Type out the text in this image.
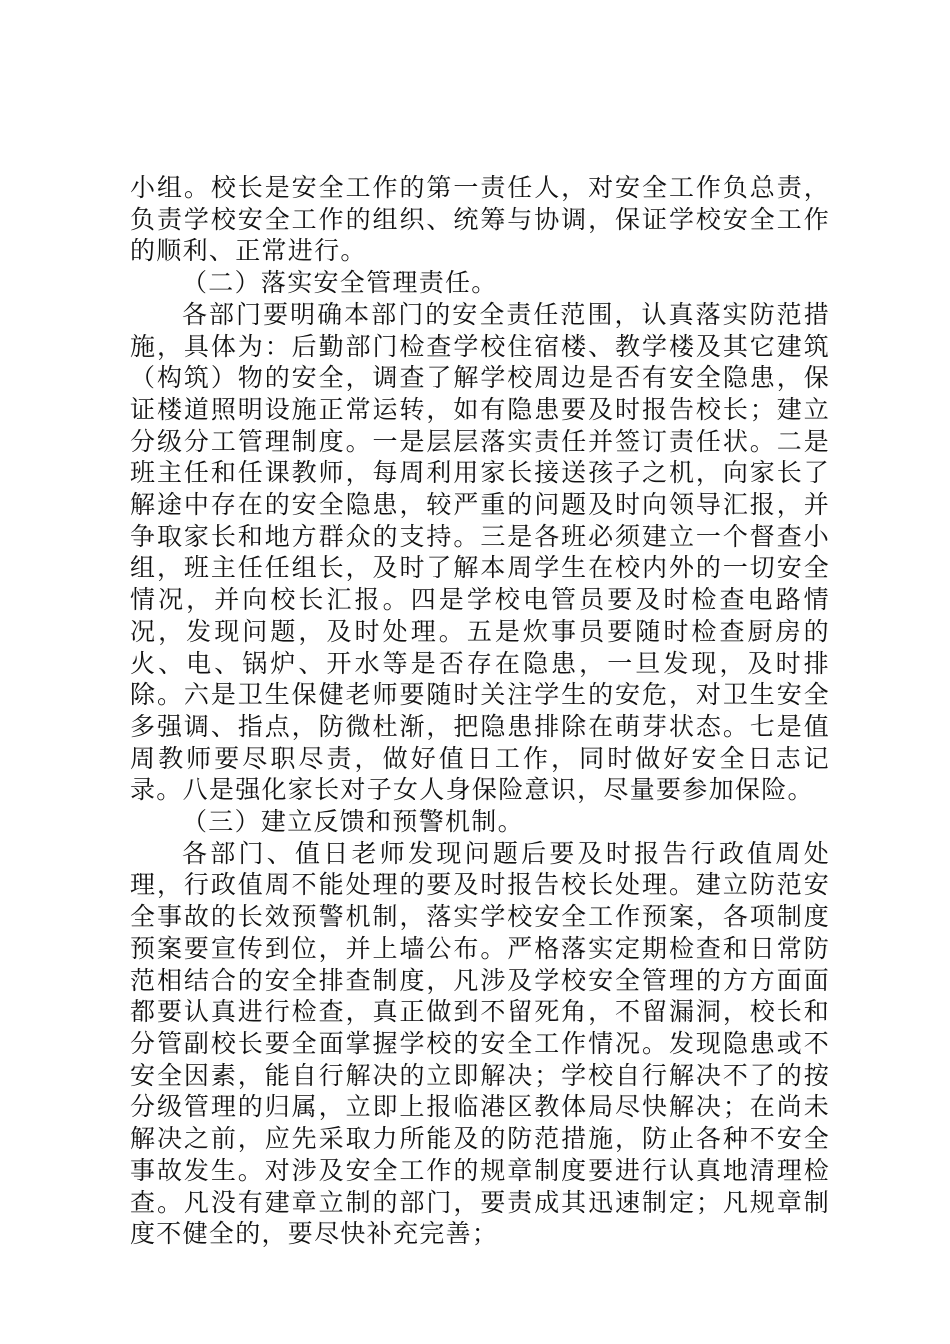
小组。校长是安全工作的第一责任人，对安全工作负总责，负责学校安全工作的组织、统筹与协调，保证学校安全工作的顺利、正常进行。

（二）落实安全管理责任。

各部门要明确本部门的安全责任范围，认真落实防范措施，具体为：后勤部门检查学校住宿楼、教学楼及其它建筑（构筑）物的安全，调查了解学校周边是否有安全隐患，保证楼道照明设施正常运转，如有隐患要及时报告校长；建立分级分工管理制度。一是层层落实责任并签订责任状。二是班主任和任课教师，每周利用家长接送孩子之机，向家长了解途中存在的安全隐患，较严重的问题及时向领导汇报，并争取家长和地方群众的支持。三是各班必须建立一个督查小组，班主任任组长，及时了解本周学生在校内外的一切安全情况，并向校长汇报。四是学校电管员要及时检查电路情况，发现问题，及时处理。五是炊事员要随时检查厨房的火、电、锅炉、开水等是否存在隐患，一旦发现，及时排除。六是卫生保健老师要随时关注学生的安危，对卫生安全多强调、指点，防微杜渐，把隐患排除在萌芽状态。七是值周教师要尽职尽责，做好值日工作，同时做好安全日志记录。八是强化家长对子女人身保险意识，尽量要参加保险。

（三）建立反馈和预警机制。

各部门、值日老师发现问题后要及时报告行政值周处理，行政值周不能处理的要及时报告校长处理。建立防范安全事故的长效预警机制，落实学校安全工作预案，各项制度预案要宣传到位，并上墙公布。严格落实定期检查和日常防范相结合的安全排查制度，凡涉及学校安全管理的方方面面都要认真进行检查，真正做到不留死角，不留漏洞，校长和分管副校长要全面掌握学校的安全工作情况。发现隐患或不安全因素，能自行解决的立即解决；学校自行解决不了的按分级管理的归属，立即上报临港区教体局尽快解决；在尚未解决之前，应先采取力所能及的防范措施，防止各种不安全事故发生。对涉及安全工作的规章制度要进行认真地清理检查。凡没有建章立制的部门，要责成其迅速制定；凡规章制度不健全的，要尽快补充完善；
